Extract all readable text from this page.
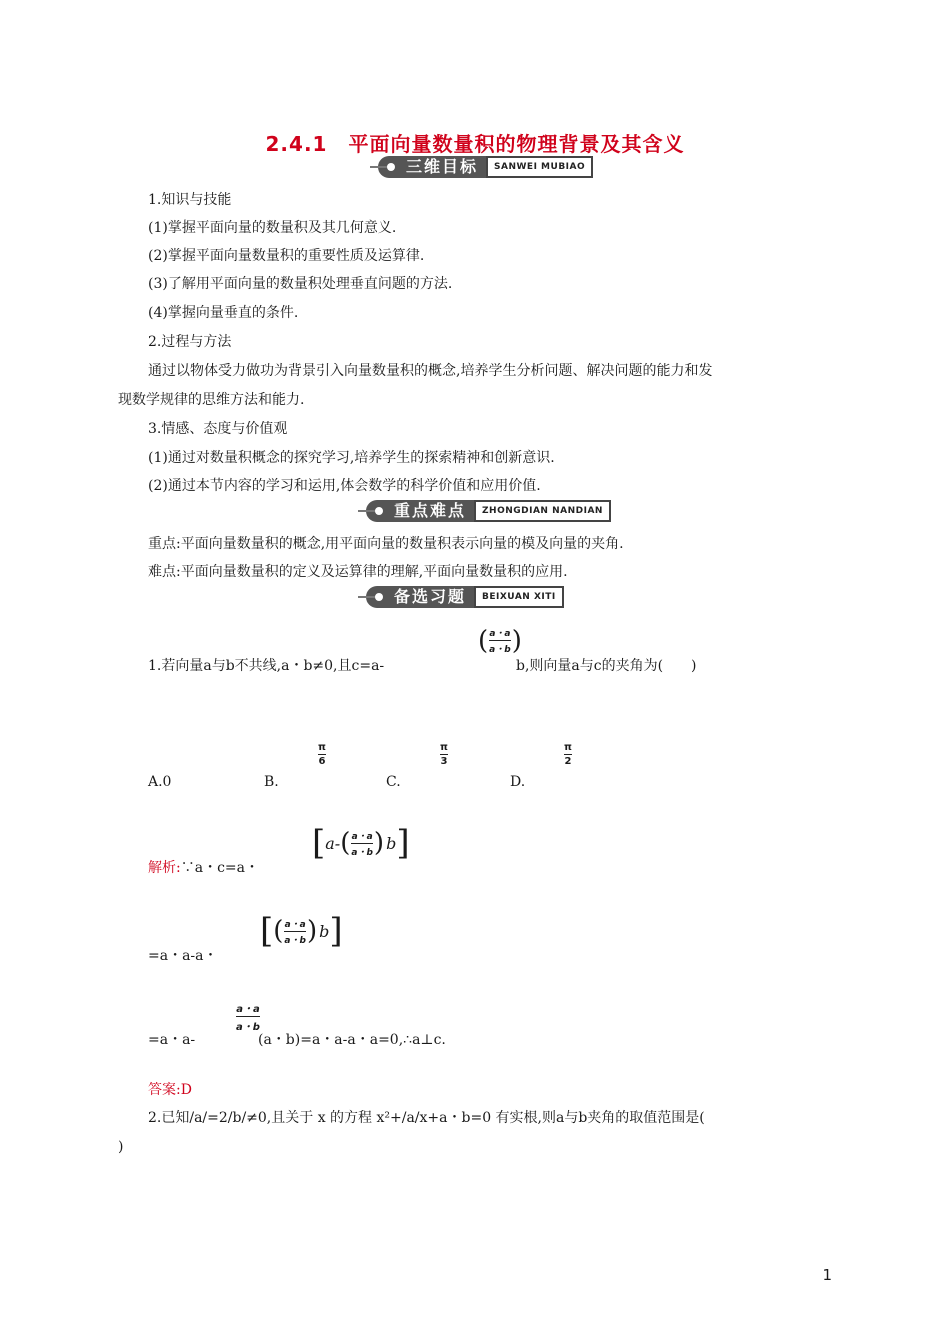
2.4.1　平面向量数量积的物理背景及其含义
三维目标	SANWEI MUBIAO
1.知识与技能
(1)掌握平面向量的数量积及其几何意义.
(2)掌握平面向量数量积的重要性质及运算律.
(3)了解用平面向量的数量积处理垂直问题的方法.
(4)掌握向量垂直的条件.
2.过程与方法
通过以物体受力做功为背景引入向量数量积的概念,培养学生分析问题、解决问题的能力和发
现数学规律的思维方法和能力.
3.情感、态度与价值观
(1)通过对数量积概念的探究学习,培养学生的探索精神和创新意识.
(2)通过本节内容的学习和运用,体会数学的科学价值和应用价值.
重点难点	ZHONGDIAN NANDIAN
重点:平面向量数量积的概念,用平面向量的数量积表示向量的模及向量的夹角.
难点:平面向量数量积的定义及运算律的理解,平面向量数量积的应用.
备选习题	BEIXUAN XITI
1.若向量a与b不共线,a・b≠0,且c=a-
( a・a
a・b )
b,则向量a与c的夹角为(　　)
A.0	B.
π
6
C.
π
3
D.
π
2
解析:∵a・c=a・
[ a- ( a・a
a・b ) b ]
=a・a-a・
[ ( a・a
a・b ) b ]
=a・a-
a・a
a・b
(a・b)=a・a-a・a=0,∴a⊥c.
答案:D
2.已知/a/=2/b/≠0,且关于 x 的方程 x²+/a/x+a・b=0 有实根,则a与b夹角的取值范围是(
)
1
